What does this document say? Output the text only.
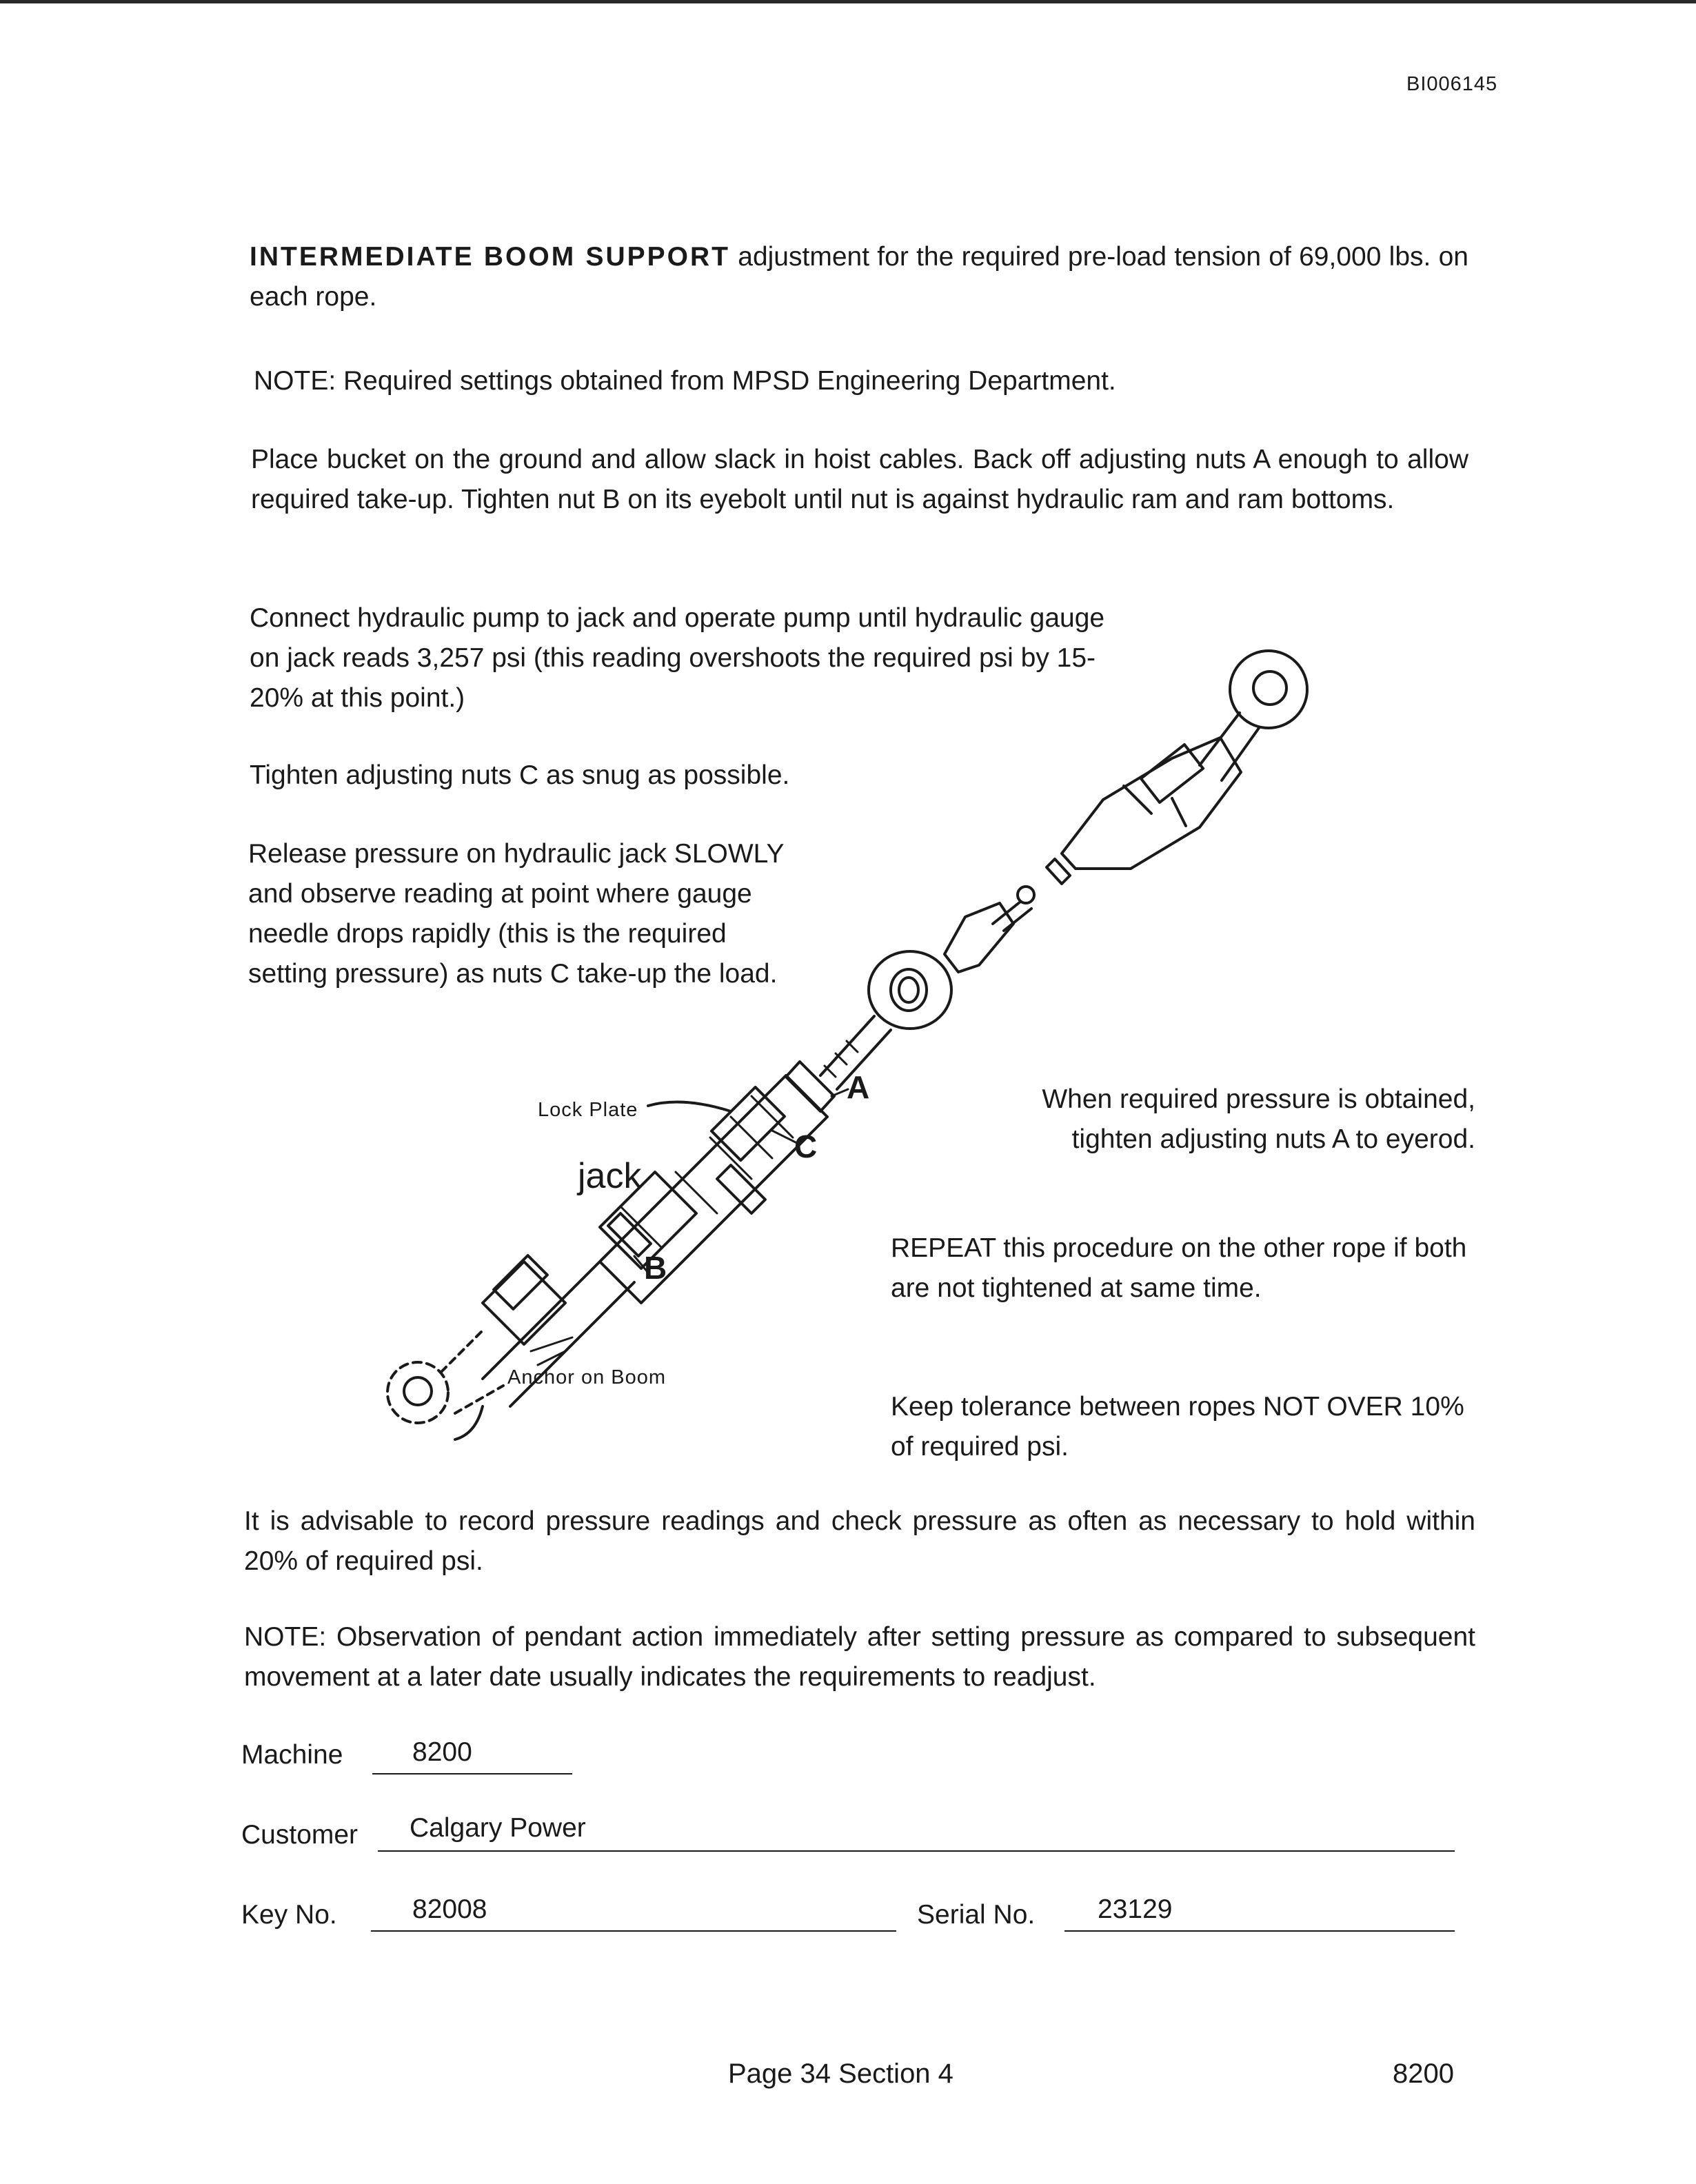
BI006145
INTERMEDIATE BOOM SUPPORT adjustment for the required pre-load tension of 69,000 lbs. on each rope.
NOTE: Required settings obtained from MPSD Engineering Department.
Place bucket on the ground and allow slack in hoist cables. Back off adjusting nuts A enough to allow required take-up. Tighten nut B on its eyebolt until nut is against hydraulic ram and ram bottoms.
Connect hydraulic pump to jack and operate pump until hydraulic gauge on jack reads 3,257 psi (this reading overshoots the required psi by 15-20% at this point.)
Tighten adjusting nuts C as snug as possible.
Release pressure on hydraulic jack SLOWLY and observe reading at point where gauge needle drops rapidly (this is the required setting pressure) as nuts C take-up the load.
When required pressure is obtained, tighten adjusting nuts A to eyerod.
REPEAT this procedure on the other rope if both are not tightened at same time.
Keep tolerance between ropes NOT OVER 10% of required psi.
It is advisable to record pressure readings and check pressure as often as necessary to hold within 20% of required psi.
NOTE: Observation of pendant action immediately after setting pressure as compared to subsequent movement at a later date usually indicates the requirements to readjust.
Lock Plate
jack
A
C
B
Anchor on Boom
Machine	8200
Customer Calgary Power
Key No.	82008	Serial No. 23129
Page 34 Section 4	8200
